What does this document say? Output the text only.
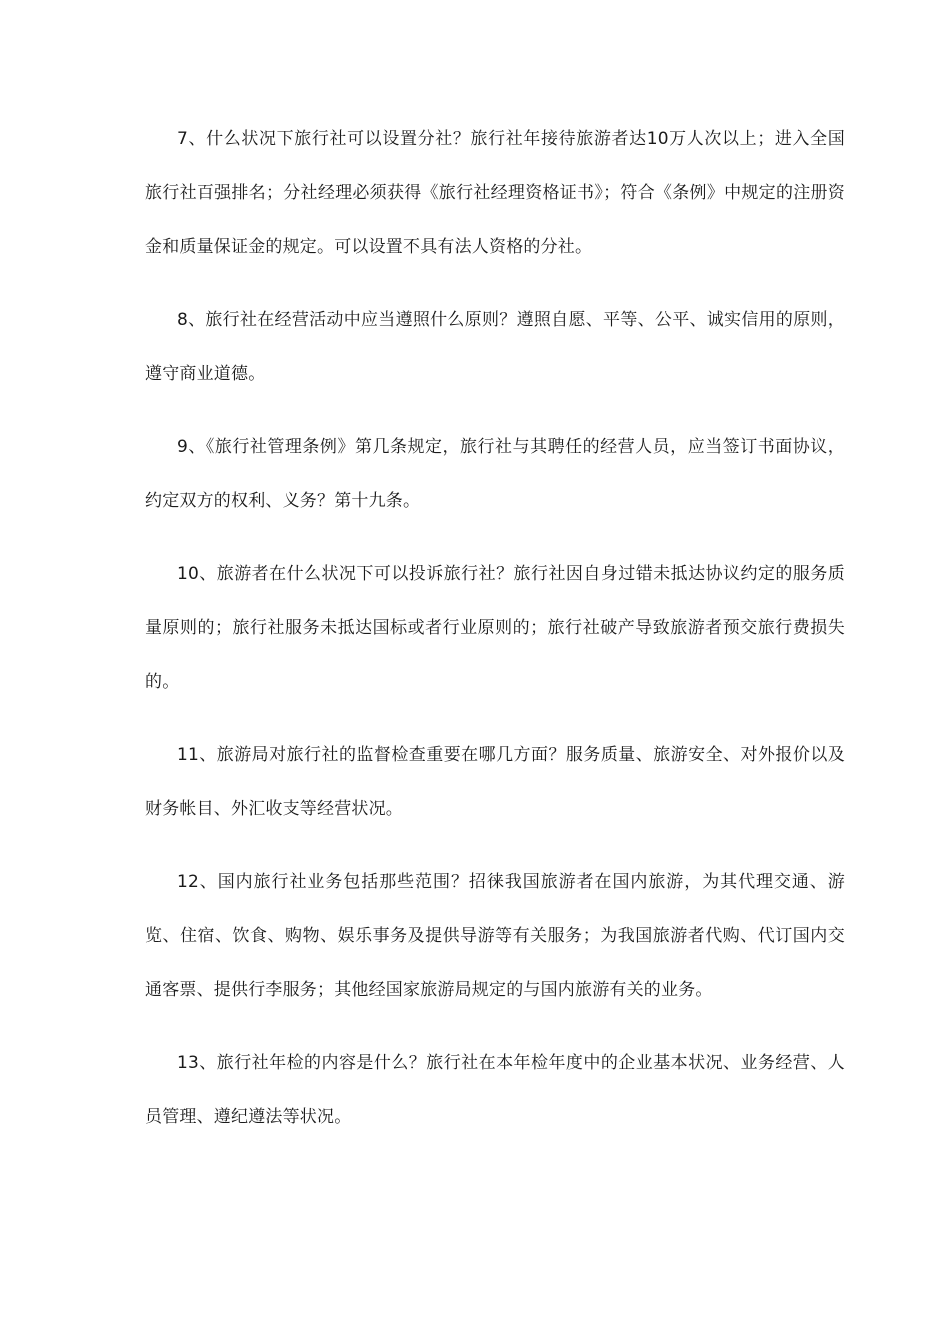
7、什么状况下旅行社可以设置分社？旅行社年接待旅游者达10万人次以上；进入全国旅行社百强排名；分社经理必须获得《旅行社经理资格证书》；符合《条例》中规定的注册资金和质量保证金的规定。可以设置不具有法人资格的分社。

8、旅行社在经营活动中应当遵照什么原则？遵照自愿、平等、公平、诚实信用的原则，遵守商业道德。

9、《旅行社管理条例》第几条规定，旅行社与其聘任的经营人员，应当签订书面协议，约定双方的权利、义务？第十九条。

10、旅游者在什么状况下可以投诉旅行社？旅行社因自身过错未抵达协议约定的服务质量原则的；旅行社服务未抵达国标或者行业原则的；旅行社破产导致旅游者预交旅行费损失的。

11、旅游局对旅行社的监督检查重要在哪几方面？服务质量、旅游安全、对外报价以及财务帐目、外汇收支等经营状况。

12、国内旅行社业务包括那些范围？招徕我国旅游者在国内旅游，为其代理交通、游览、住宿、饮食、购物、娱乐事务及提供导游等有关服务；为我国旅游者代购、代订国内交通客票、提供行李服务；其他经国家旅游局规定的与国内旅游有关的业务。

13、旅行社年检的内容是什么？旅行社在本年检年度中的企业基本状况、业务经营、人员管理、遵纪遵法等状况。
